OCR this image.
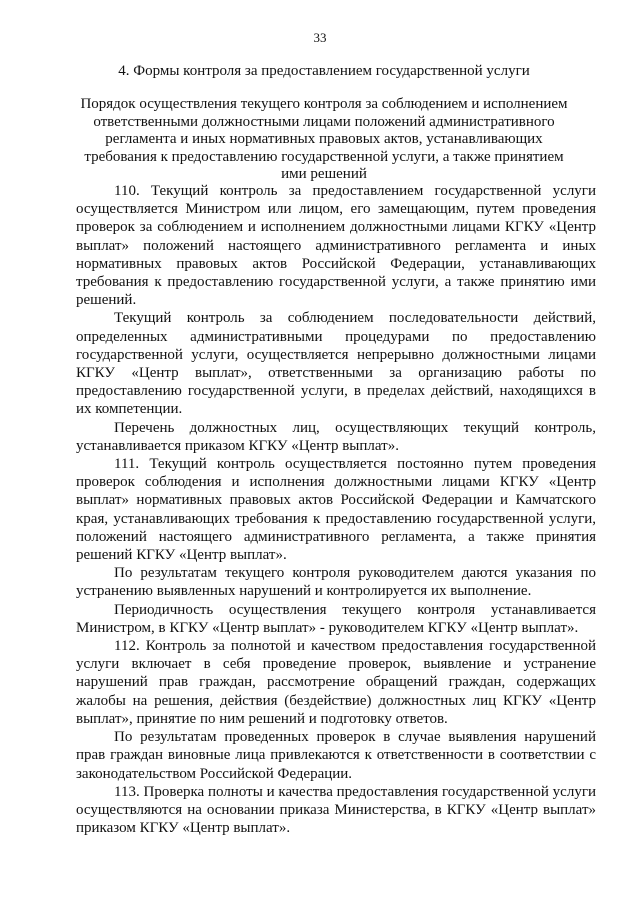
33
4. Формы контроля за предоставлением государственной услуги

Порядок осуществления текущего контроля за соблюдением и исполнением ответственными должностными лицами положений административного регламента и иных нормативных правовых актов, устанавливающих требования к предоставлению государственной услуги, а также принятием ими решений

110. Текущий контроль за предоставлением государственной услуги осуществляется Министром или лицом, его замещающим, путем проведения проверок за соблюдением и исполнением должностными лицами КГКУ «Центр выплат» положений настоящего административного регламента и иных нормативных правовых актов Российской Федерации, устанавливающих требования к предоставлению государственной услуги, а также принятию ими решений.

Текущий контроль за соблюдением последовательности действий, определенных административными процедурами по предоставлению государственной услуги, осуществляется непрерывно должностными лицами КГКУ «Центр выплат», ответственными за организацию работы по предоставлению государственной услуги, в пределах действий, находящихся в их компетенции.

Перечень должностных лиц, осуществляющих текущий контроль, устанавливается приказом КГКУ «Центр выплат».

111. Текущий контроль осуществляется постоянно путем проведения проверок соблюдения и исполнения должностными лицами КГКУ «Центр выплат» нормативных правовых актов Российской Федерации и Камчатского края, устанавливающих требования к предоставлению государственной услуги, положений настоящего административного регламента, а также принятия решений КГКУ «Центр выплат».

По результатам текущего контроля руководителем даются указания по устранению выявленных нарушений и контролируется их выполнение.

Периодичность осуществления текущего контроля устанавливается Министром, в КГКУ «Центр выплат» - руководителем КГКУ «Центр выплат».

112. Контроль за полнотой и качеством предоставления государственной услуги включает в себя проведение проверок, выявление и устранение нарушений прав граждан, рассмотрение обращений граждан, содержащих жалобы на решения, действия (бездействие) должностных лиц КГКУ «Центр выплат», принятие по ним решений и подготовку ответов.

По результатам проведенных проверок в случае выявления нарушений прав граждан виновные лица привлекаются к ответственности в соответствии с законодательством Российской Федерации.

113. Проверка полноты и качества предоставления государственной услуги осуществляются на основании приказа Министерства, в КГКУ «Центр выплат» приказом КГКУ «Центр выплат».
